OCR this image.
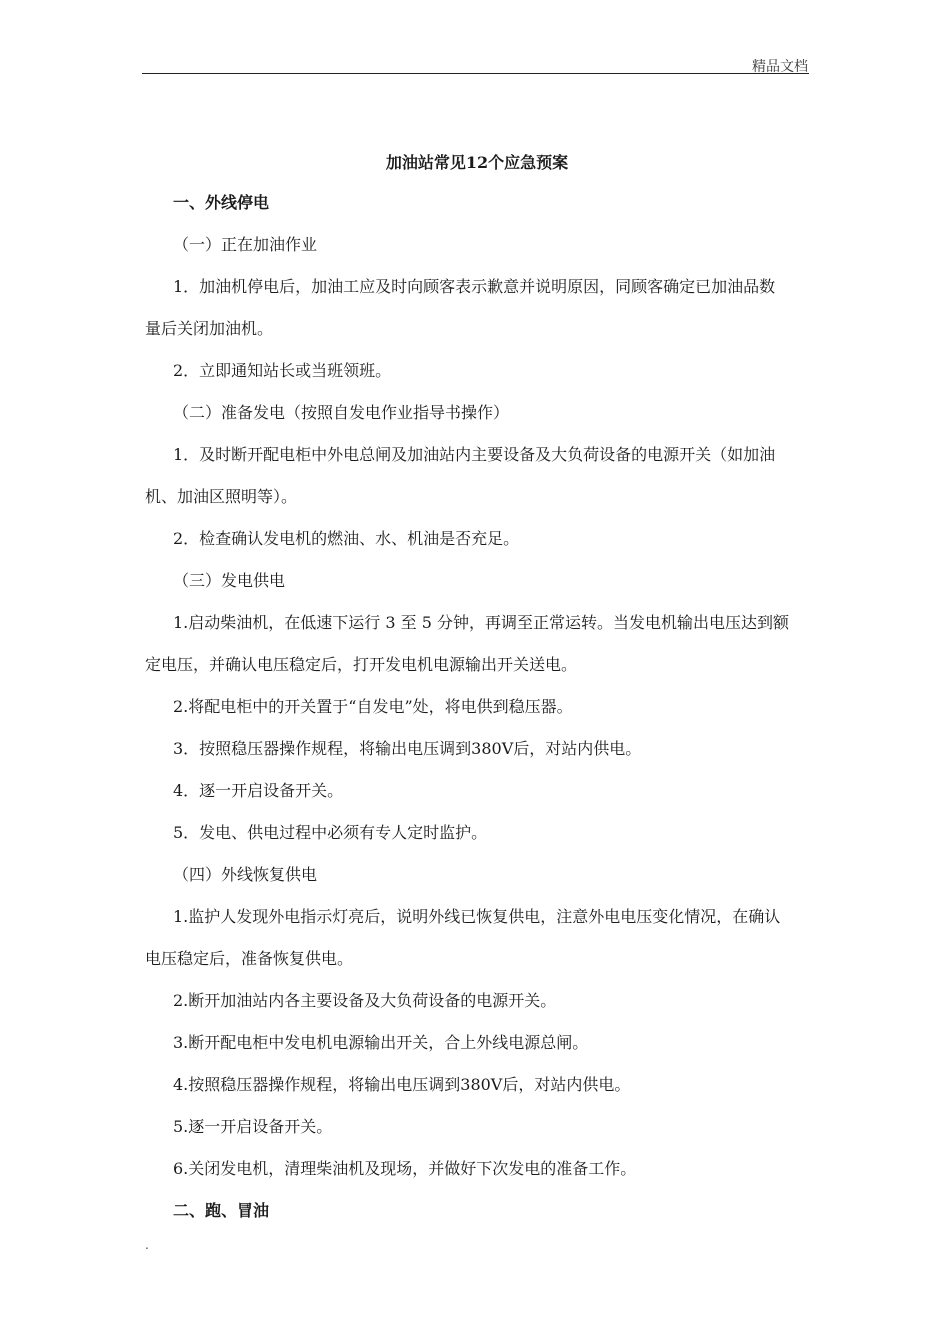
精品文档
加油站常见12个应急预案
一、外线停电
（一）正在加油作业
1．加油机停电后，加油工应及时向顾客表示歉意并说明原因，同顾客确定已加油品数
量后关闭加油机。
2．立即通知站长或当班领班。
（二）准备发电（按照自发电作业指导书操作）
1．及时断开配电柜中外电总闸及加油站内主要设备及大负荷设备的电源开关（如加油
机、加油区照明等）。
2．检查确认发电机的燃油、水、机油是否充足。
（三）发电供电
1.启动柴油机，在低速下运行 3 至 5 分钟，再调至正常运转。当发电机输出电压达到额
定电压，并确认电压稳定后，打开发电机电源输出开关送电。
2.将配电柜中的开关置于“自发电”处，将电供到稳压器。
3．按照稳压器操作规程，将输出电压调到380V后，对站内供电。
4．逐一开启设备开关。
5．发电、供电过程中必须有专人定时监护。
（四）外线恢复供电
1.监护人发现外电指示灯亮后，说明外线已恢复供电，注意外电电压变化情况，在确认
电压稳定后，准备恢复供电。
2.断开加油站内各主要设备及大负荷设备的电源开关。
3.断开配电柜中发电机电源输出开关，合上外线电源总闸。
4.按照稳压器操作规程，将输出电压调到380V后，对站内供电。
5.逐一开启设备开关。
6.关闭发电机，清理柴油机及现场，并做好下次发电的准备工作。
二、跑、冒油
.
